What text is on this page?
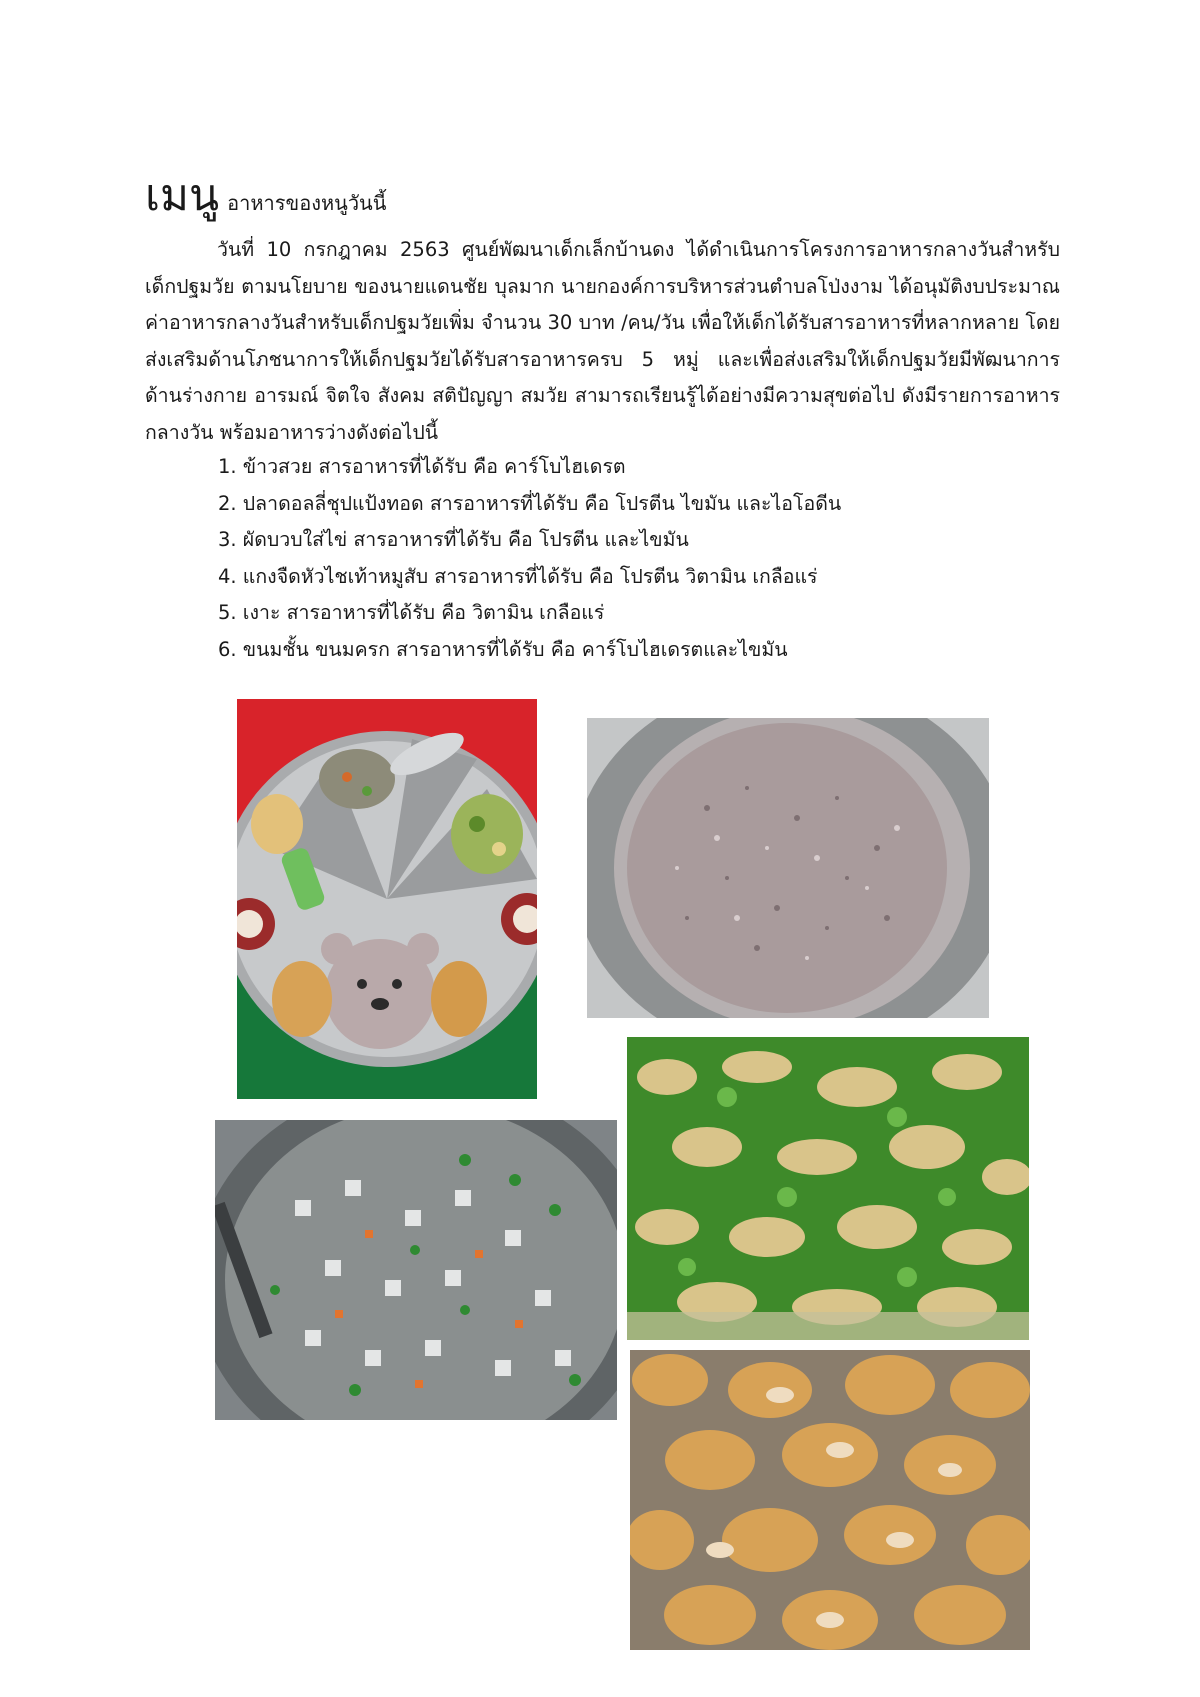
เมนู อาหารของหนูวันนี้
วันที่ 10 กรกฎาคม 2563 ศูนย์พัฒนาเด็กเล็กบ้านดง ได้ดำเนินการโครงการอาหารกลางวันสำหรับเด็กปฐมวัย ตามนโยบาย ของนายแดนชัย บุลมาก นายกองค์การบริหารส่วนตำบลโป่งงาม ได้อนุมัติงบประมาณค่าอาหารกลางวันสำหรับเด็กปฐมวัยเพิ่ม จำนวน 30 บาท /คน/วัน เพื่อให้เด็กได้รับสารอาหารที่หลากหลาย โดยส่งเสริมด้านโภชนาการให้เด็กปฐมวัยได้รับสารอาหารครบ 5 หมู่ และเพื่อส่งเสริมให้เด็กปฐมวัยมีพัฒนาการ ด้านร่างกาย อารมณ์ จิตใจ สังคม สติปัญญา สมวัย สามารถเรียนรู้ได้อย่างมีความสุขต่อไป ดังมีรายการอาหารกลางวัน พร้อมอาหารว่างดังต่อไปนี้
1. ข้าวสวย สารอาหารที่ได้รับ คือ คาร์โบไฮเดรต
2. ปลาดอลลี่ชุปแป้งทอด สารอาหารที่ได้รับ คือ โปรตีน ไขมัน และไอโอดีน
3. ผัดบวบใส่ไข่ สารอาหารที่ได้รับ คือ โปรตีน และไขมัน
4. แกงจืดหัวไชเท้าหมูสับ สารอาหารที่ได้รับ คือ โปรตีน วิตามิน เกลือแร่
5. เงาะ สารอาหารที่ได้รับ คือ วิตามิน เกลือแร่
6. ขนมชั้น ขนมครก สารอาหารที่ได้รับ คือ คาร์โบไฮเดรตและไขมัน
